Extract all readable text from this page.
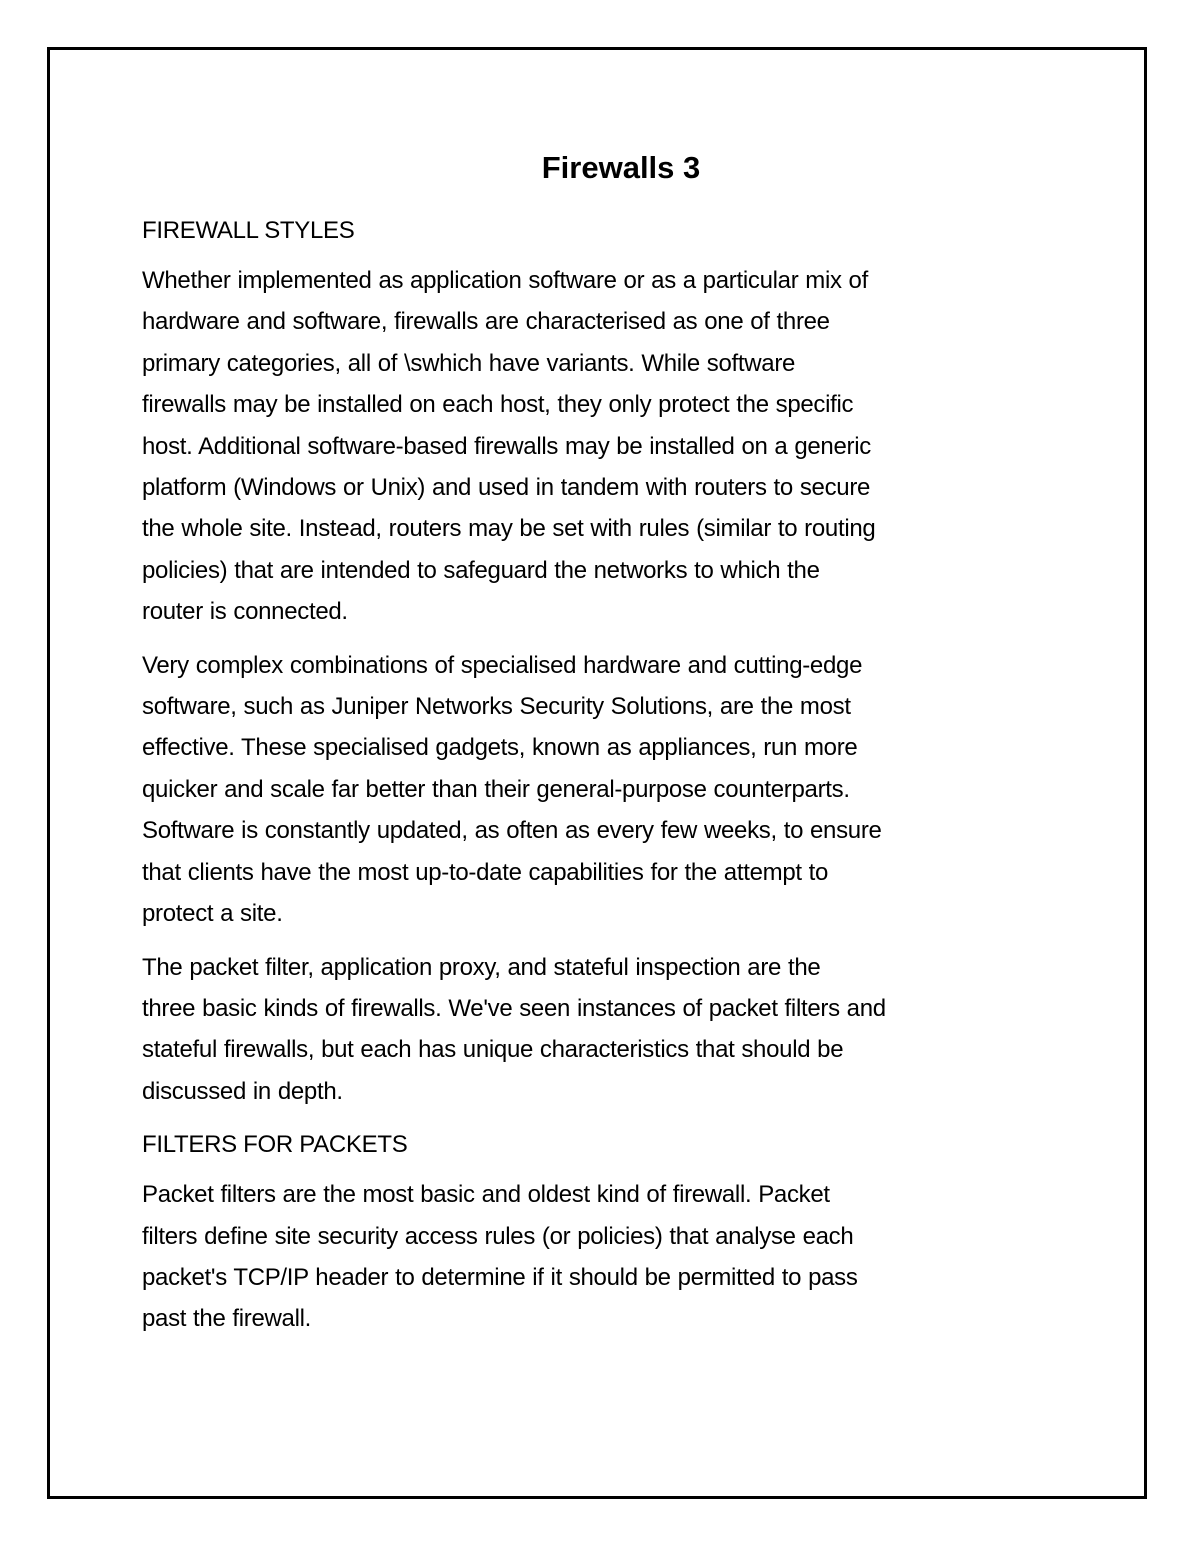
Firewalls 3
FIREWALL STYLES

Whether implemented as application software or as a particular mix of
hardware and software, firewalls are characterised as one of three
primary categories, all of \swhich have variants. While software
firewalls may be installed on each host, they only protect the specific
host. Additional software-based firewalls may be installed on a generic
platform (Windows or Unix) and used in tandem with routers to secure
the whole site. Instead, routers may be set with rules (similar to routing
policies) that are intended to safeguard the networks to which the
router is connected.

Very complex combinations of specialised hardware and cutting-edge
software, such as Juniper Networks Security Solutions, are the most
effective. These specialised gadgets, known as appliances, run more
quicker and scale far better than their general-purpose counterparts.
Software is constantly updated, as often as every few weeks, to ensure
that clients have the most up-to-date capabilities for the attempt to
protect a site.

The packet filter, application proxy, and stateful inspection are the
three basic kinds of firewalls. We've seen instances of packet filters and
stateful firewalls, but each has unique characteristics that should be
discussed in depth.

FILTERS FOR PACKETS

Packet filters are the most basic and oldest kind of firewall. Packet
filters define site security access rules (or policies) that analyse each
packet's TCP/IP header to determine if it should be permitted to pass
past the firewall.
